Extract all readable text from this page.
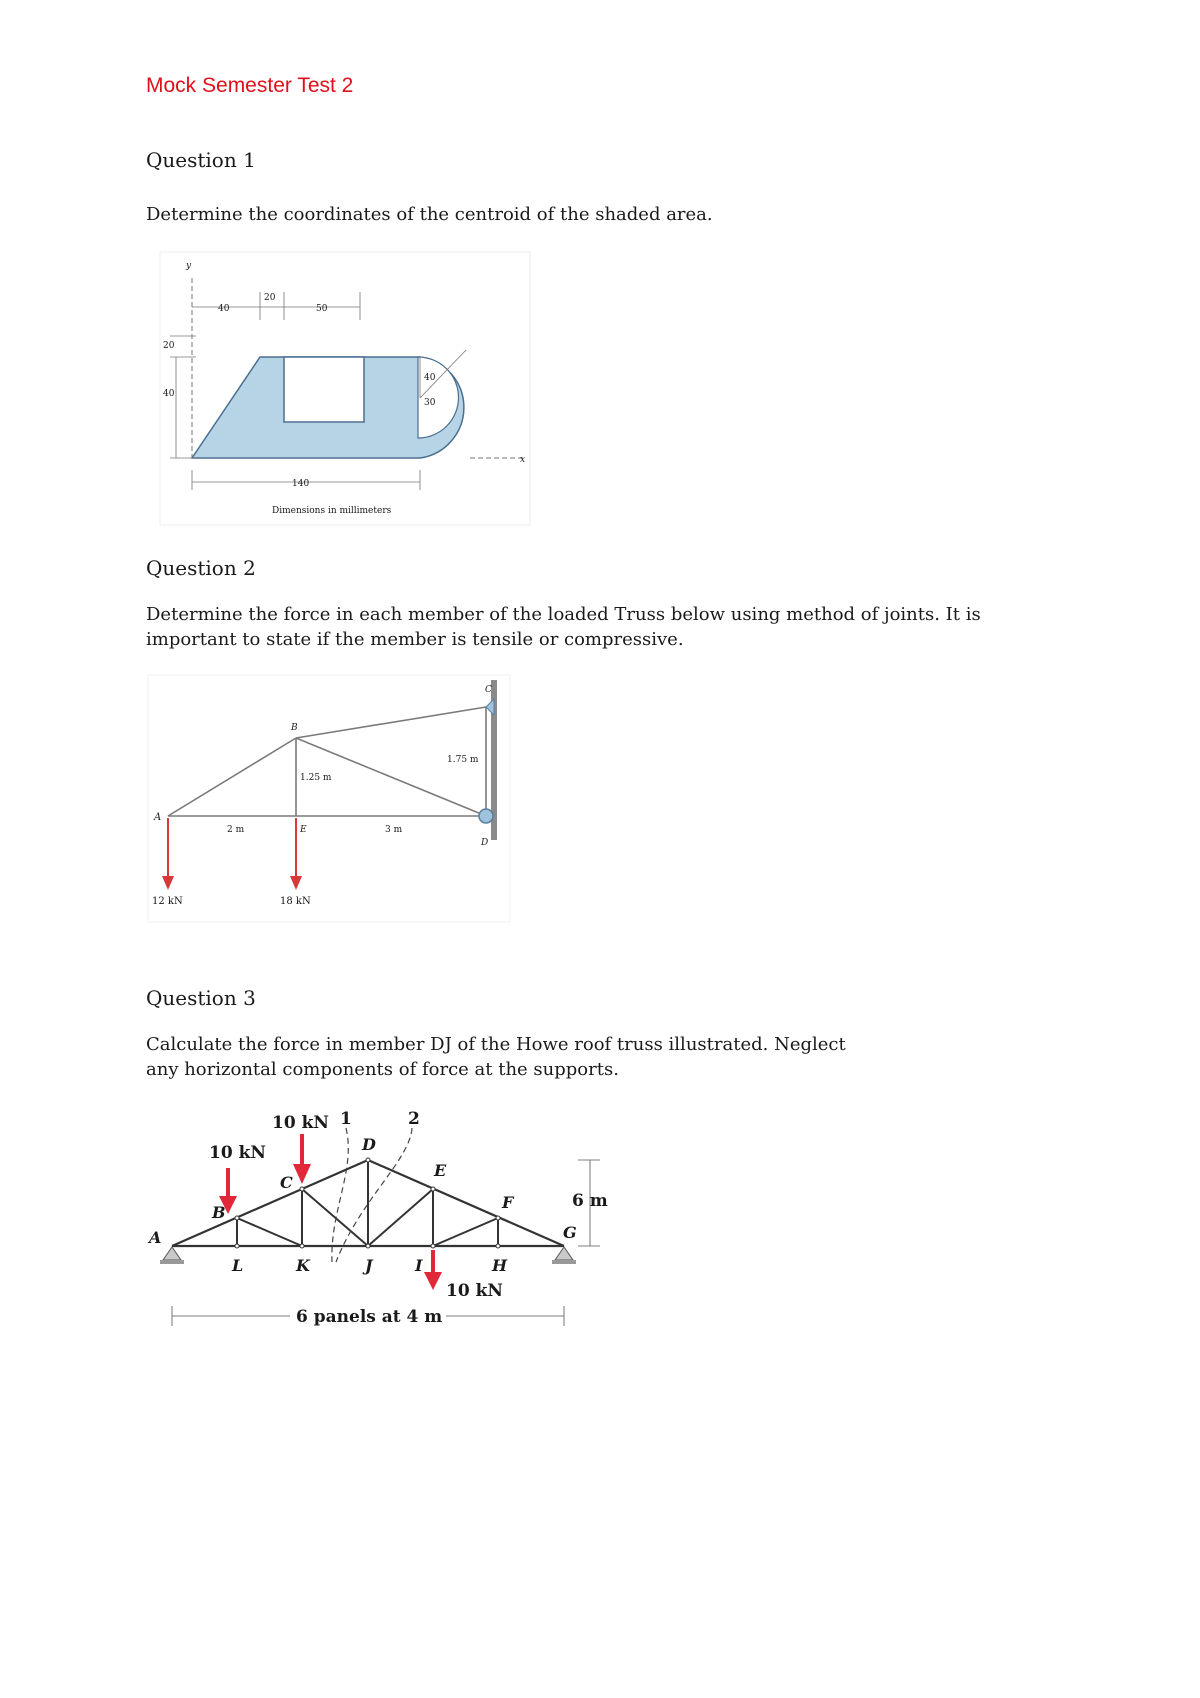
Mock Semester Test 2
Question 1
Determine the coordinates of the centroid of the shaded area.
y
x
40
20
50
20
40
40
30
140
Dimensions in millimeters
Question 2
Determine the force in each member of the loaded Truss below using method of joints. It is important to state if the member is tensile or compressive.
A
B
C
D
E
1.25 m
1.75 m
2 m	3 m
12 kN	18 kN
Question 3
Calculate the force in member DJ of the Howe roof truss illustrated. Neglect any horizontal components of force at the supports.
A
B
C
D
E
F
G
H
I
J
K
L
10 kN
10 kN
10 kN
1	2
6 m
6 panels at 4 m
